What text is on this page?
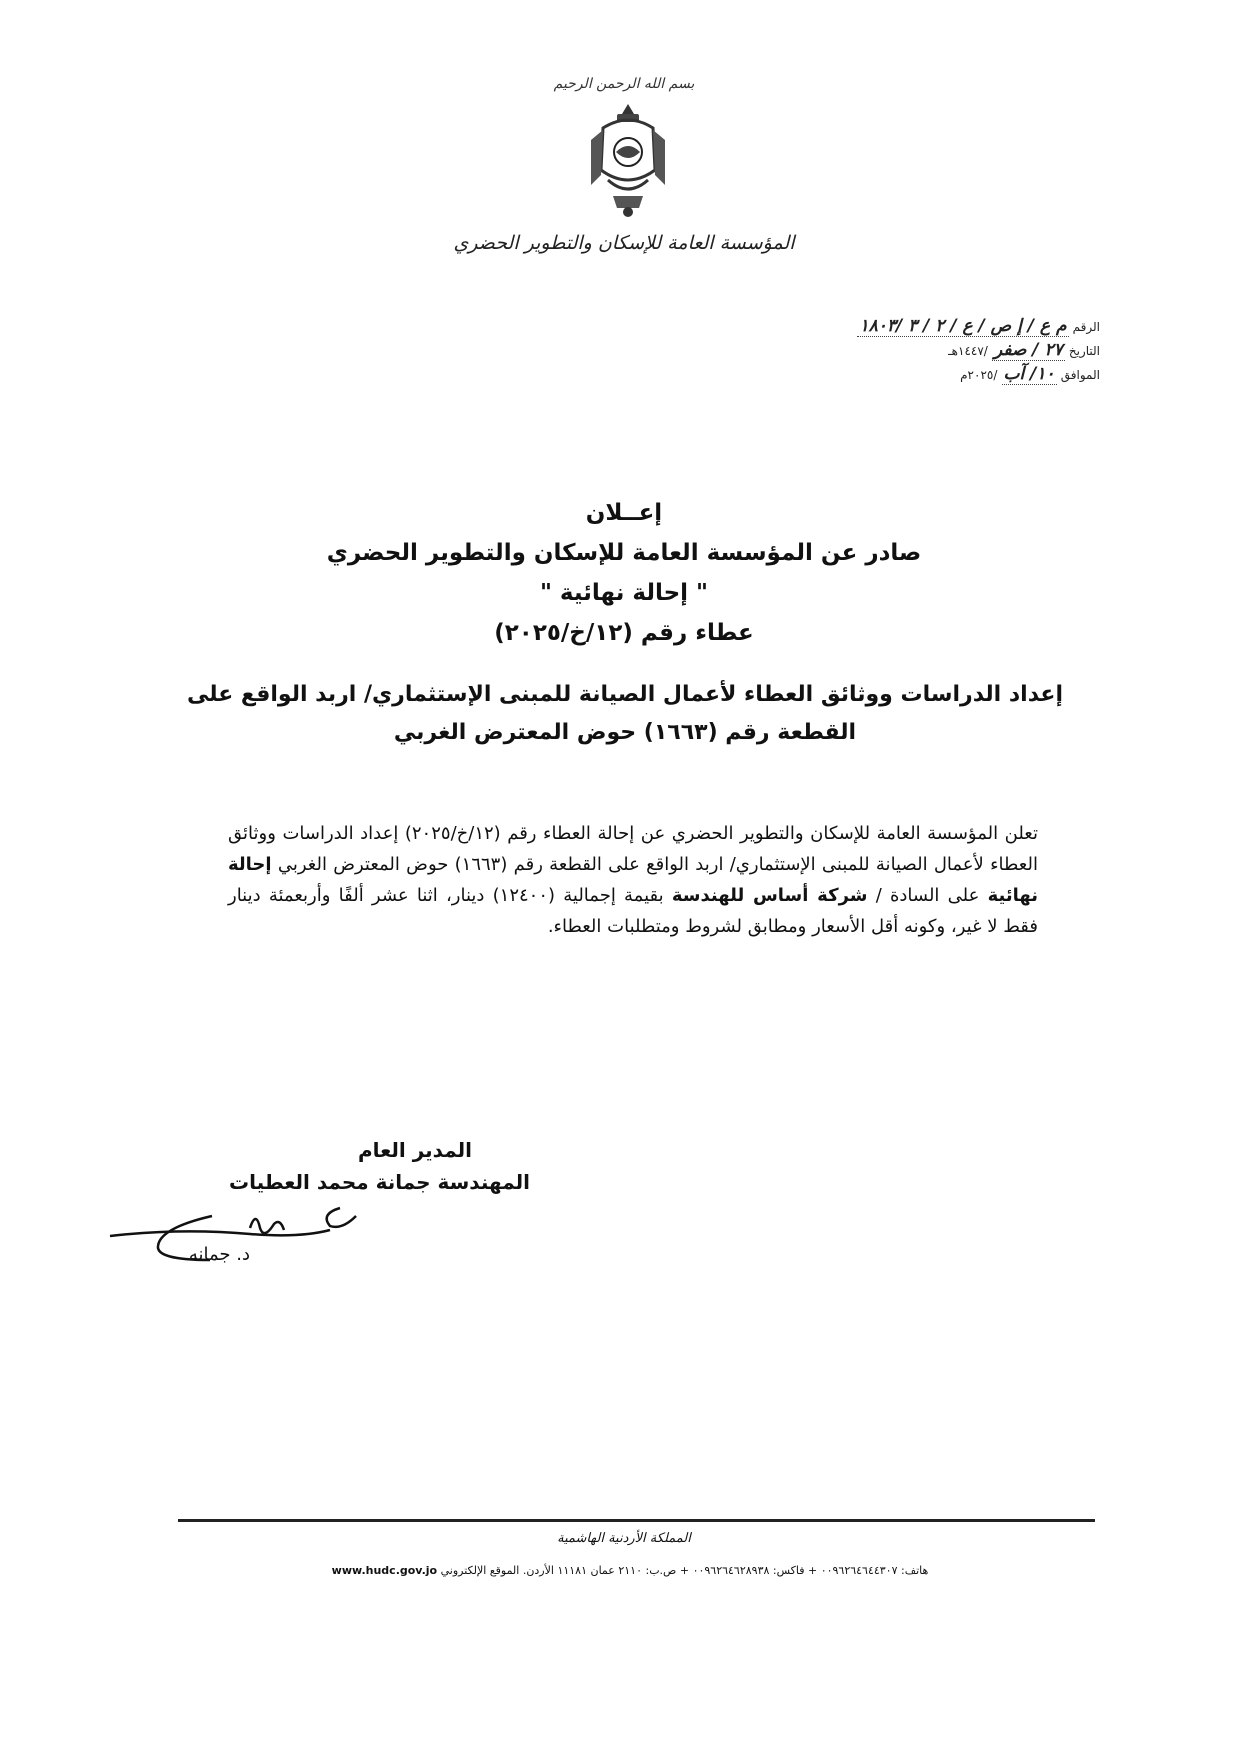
بسم الله الرحمن الرحيم
المؤسسة العامة للإسكان والتطوير الحضري
الرقم م ع / إ ص / ع / ٢ / ٣ /١٨٠٣
التاريخ ٢٧ / صفر /١٤٤٧هـ
الموافق ١٠/ آب /٢٠٢٥م
إعــلان
صادر عن المؤسسة العامة للإسكان والتطوير الحضري
" إحالة نهائية "
عطاء رقم (١٢/خ/٢٠٢٥)
إعداد الدراسات ووثائق العطاء لأعمال الصيانة للمبنى الإستثماري/ اربد الواقع على
القطعة رقم (١٦٦٣) حوض المعترض الغربي
تعلن المؤسسة العامة للإسكان والتطوير الحضري عن إحالة العطاء رقم (١٢/خ/٢٠٢٥) إعداد الدراسات ووثائق العطاء لأعمال الصيانة للمبنى الإستثماري/ اربد الواقع على القطعة رقم (١٦٦٣) حوض المعترض الغربي إحالة نهائية على السادة / شركة أساس للهندسة بقيمة إجمالية (١٢٤٠٠) دينار، اثنا عشر ألفًا وأربعمئة دينار فقط لا غير، وكونه أقل الأسعار ومطابق لشروط ومتطلبات العطاء.
المدير العام
المهندسة جمانة محمد العطيات
د. جمانه
المملكة الأردنية الهاشمية
هاتف: ٠٠٩٦٢٦٤٦٤٤٣٠٧ + فاكس: ٠٠٩٦٢٦٤٦٢٨٩٣٨ + ص.ب: ٢١١٠ عمان ١١١٨١ الأردن. الموقع الإلكتروني www.hudc.gov.jo
